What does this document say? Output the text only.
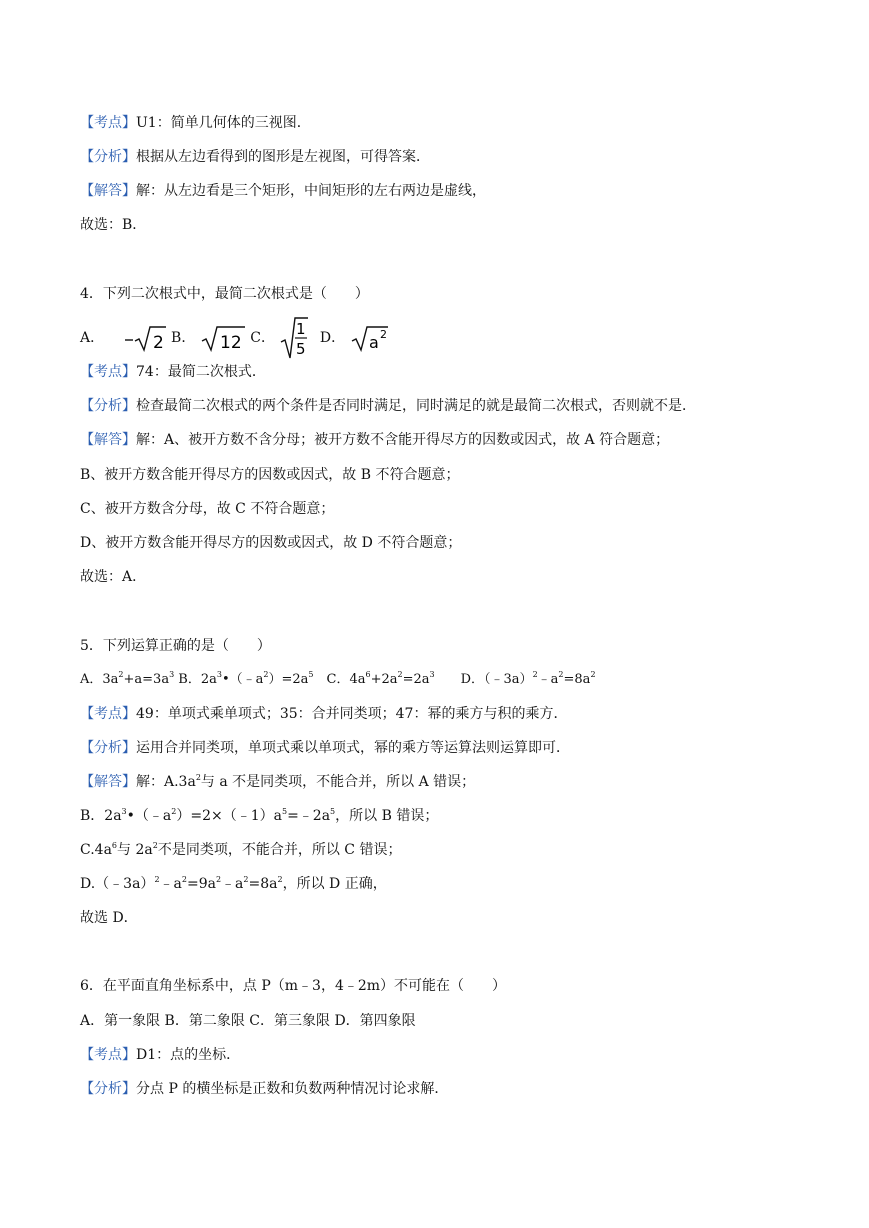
【考点】U1：简单几何体的三视图．
【分析】根据从左边看得到的图形是左视图，可得答案．
【解答】解：从左边看是三个矩形，中间矩形的左右两边是虚线，
故选：B．
4．下列二次根式中，最简二次根式是（　　）
A．	2 B． 12 C． 1
5
D． a 2
【考点】74：最简二次根式．
【分析】检查最简二次根式的两个条件是否同时满足，同时满足的就是最简二次根式，否则就不是．
【解答】解：A、被开方数不含分母；被开方数不含能开得尽方的因数或因式，故 A 符合题意；
B、被开方数含能开得尽方的因数或因式，故 B 不符合题意；
C、被开方数含分母，故 C 不符合题意；
D、被开方数含能开得尽方的因数或因式，故 D 不符合题意；
故选：A．
5．下列运算正确的是（　　）
A．$3a^2+a=3a^3$ B．$2a^3•(﹣a^2)=2a^5$　C．$4a^6+2a^2=2a^3$　　D．$(﹣3a)^2﹣a^2=8a^2$
【考点】49：单项式乘单项式；35：合并同类项；47：幂的乘方与积的乘方．
【分析】运用合并同类项，单项式乘以单项式，幂的乘方等运算法则运算即可．
【解答】解：$A.3a^2$与 a 不是同类项，不能合并，所以 A 错误；
B．$2a^3•(﹣a^2)=2\times(﹣1)a^5=﹣2a^5$，所以 B 错误；
$C.4a^6$与 $2a^2$不是同类项，不能合并，所以 C 错误；
$D.(﹣3a)^2﹣a^2=9a^2﹣a^2=8a^2$，所以 D 正确，
故选 D．
6．在平面直角坐标系中，点 P（m﹣3，4﹣2m）不可能在（　　）
A．第一象限 B．第二象限 C．第三象限 D．第四象限
【考点】D1：点的坐标．
【分析】分点 P 的横坐标是正数和负数两种情况讨论求解．
